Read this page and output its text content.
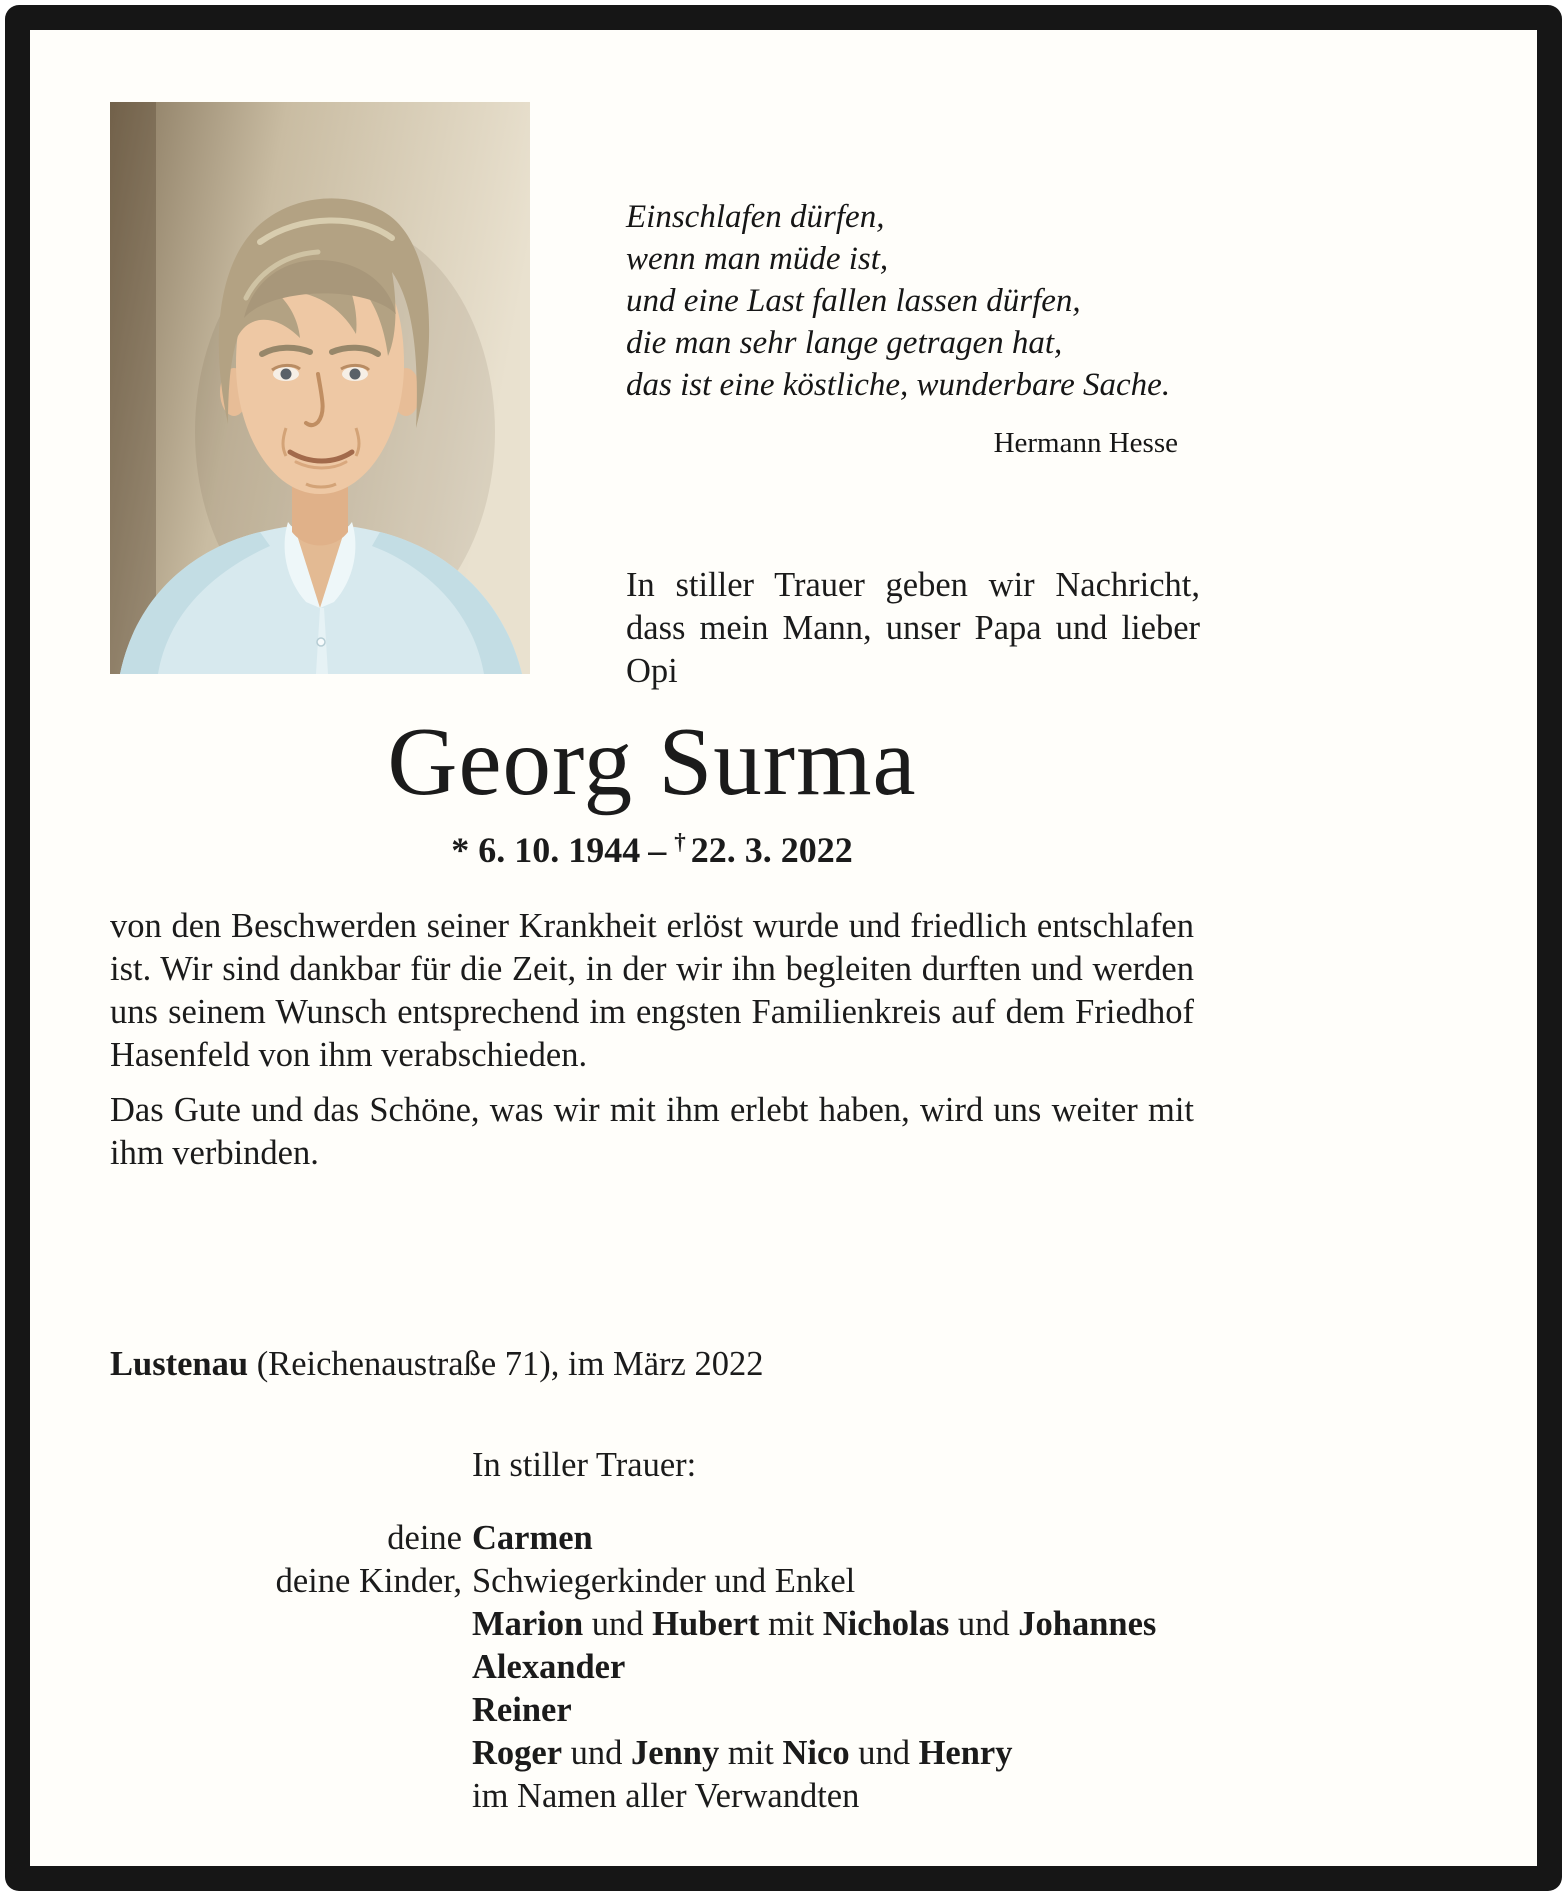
Einschlafen dürfen,
wenn man müde ist,
und eine Last fallen lassen dürfen,
die man sehr lange getragen hat,
das ist eine köstliche, wunderbare Sache.
Hermann Hesse
In stiller Trauer geben wir Nachricht, dass mein Mann, unser Papa und lieber Opi
Georg Surma
* 6. 10. 1944 – † 22. 3. 2022
von den Beschwerden seiner Krankheit erlöst wurde und friedlich entschlafen ist. Wir sind dankbar für die Zeit, in der wir ihn begleiten durften und werden uns seinem Wunsch entsprechend im engsten Familienkreis auf dem Friedhof Hasenfeld von ihm verabschieden.
Das Gute und das Schöne, was wir mit ihm erlebt haben, wird uns weiter mit ihm verbinden.
Lustenau (Reichenaustraße 71), im März 2022
In stiller Trauer:
deine Carmen
deine Kinder, Schwiegerkinder und Enkel
Marion und Hubert mit Nicholas und Johannes
Alexander
Reiner
Roger und Jenny mit Nico und Henry
im Namen aller Verwandten
